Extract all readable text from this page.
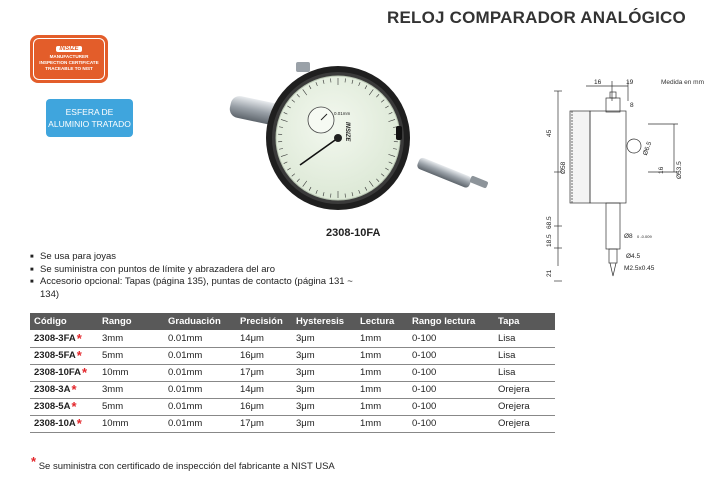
RELOJ COMPARADOR ANALÓGICO
INSIZE
MANUFACTURER
INSPECTION CERTIFICATE
TRACEABLE TO NIST
ESFERA DE
ALUMINIO TRATADO	INSIZE
0.01mm
2308-10FA
Medida en mm
16	19
8
45
Ø58
Ø6.5
16 Ø53.5
68.5
18.5	Ø8 0 -0.009
Ø4.5
21
M2.5x0.45
■ Se usa para joyas
■ Se suministra con puntos de límite y abrazadera del aro
■ Accesorio opcional: Tapas (página 135), puntas de contacto (página 131 ~ 134)
Código	Rango	Graduación	Precisión	Hysteresis	Lectura	Rango lectura	Tapa
2308-3FA*	3mm	0.01mm	14μm	3μm	1mm	0-100	Lisa
2308-5FA*	5mm	0.01mm	16μm	3μm	1mm	0-100	Lisa
2308-10FA*	10mm	0.01mm	17μm	3μm	1mm	0-100	Lisa
2308-3A*	3mm	0.01mm	14μm	3μm	1mm	0-100	Orejera
2308-5A*	5mm	0.01mm	16μm	3μm	1mm	0-100	Orejera
2308-10A*	10mm	0.01mm	17μm	3μm	1mm	0-100	Orejera
* Se suministra con certificado de inspección del fabricante a NIST USA
